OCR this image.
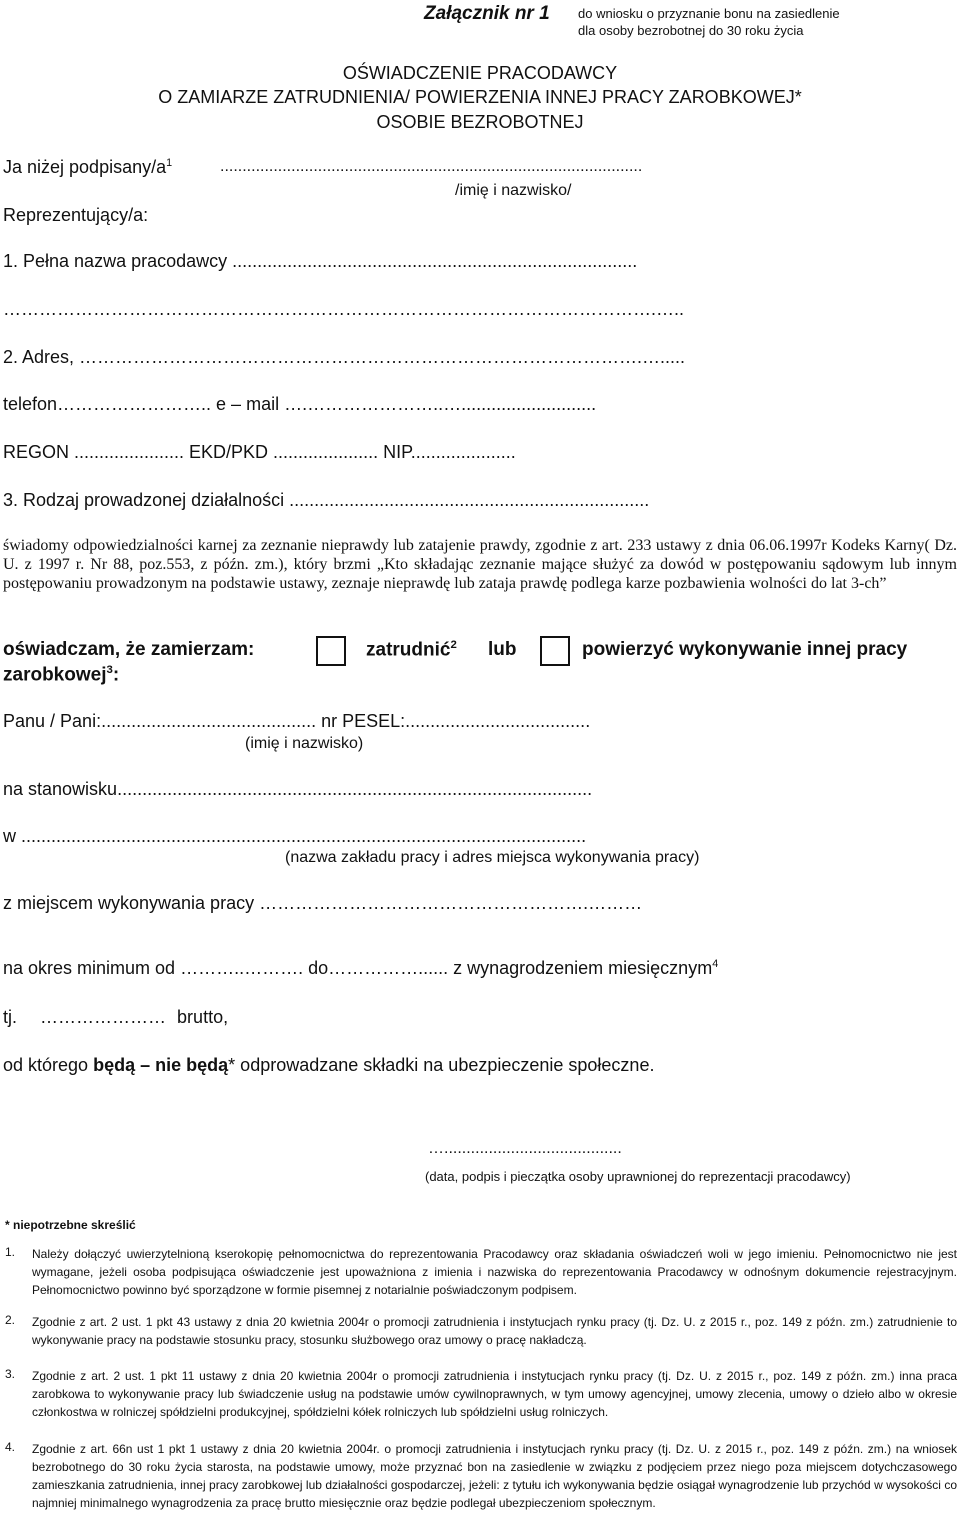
Załącznik nr 1 do wniosku o przyznanie bonu na zasiedlenie
dla osoby bezrobotnej do 30 roku życia
OŚWIADCZENIE PRACODAWCY
O ZAMIARZE ZATRUDNIENIA/ POWIERZENIA INNEJ PRACY ZAROBKOWEJ*
OSOBIE BEZROBOTNEJ
Ja niżej podpisany/$a^1$	...............................................................................................
/imię i nazwisko/
Reprezentujący/a:
1. Pełna nazwa pracodawcy .................................................................................
……………………………………………………………………………………………….…..
2. Adres, ………………………………………………………………………………….….....
telefon…………………….. e – mail ….…………………..…...........................
REGON ...................... EKD/PKD ..................... NIP.....................
3. Rodzaj prowadzonej działalności ........................................................................
świadomy odpowiedzialności karnej za zeznanie nieprawdy lub zatajenie prawdy, zgodnie z art. 233 ustawy z dnia 06.06.1997r Kodeks Karny( Dz. U. z 1997 r. Nr 88, poz.553, z późn. zm.), który brzmi „Kto składając zeznanie mające służyć za dowód w postępowaniu sądowym lub innym postępowaniu prowadzonym na podstawie ustawy, zeznaje nieprawdę lub zataja prawdę podlega karze pozbawienia wolności do lat 3-ch”
oświadczam, że zamierzam:	zatrudnić$^2$ lub	powierzyć wykonywanie innej pracy
zarobkowej$^3$:
Panu / Pani:........................................... nr PESEL:.....................................
(imię i nazwisko)
na stanowisku...............................................................................................
w .................................................................................................................
(nazwa zakładu pracy i adres miejsca wykonywania pracy)
z miejscem wykonywania pracy ……………………………………………….………
na okres minimum od ………..………. do……………...... z wynagrodzeniem miesięcznym$^4$
tj. ………………… brutto,
od którego będą – nie będą* odprowadzane składki na ubezpieczenie społeczne.
…........................................
(data, podpis i pieczątka osoby uprawnionej do reprezentacji pracodawcy)
* niepotrzebne skreślić
1. Należy dołączyć uwierzytelnioną kserokopię pełnomocnictwa do reprezentowania Pracodawcy oraz składania oświadczeń woli w jego imieniu. Pełnomocnictwo nie jest wymagane, jeżeli osoba podpisująca oświadczenie jest upoważniona z imienia i nazwiska do reprezentowania Pracodawcy w odnośnym dokumencie rejestracyjnym. Pełnomocnictwo powinno być sporządzone w formie pisemnej z notarialnie poświadczonym podpisem.
2. Zgodnie z art. 2 ust. 1 pkt 43 ustawy z dnia 20 kwietnia 2004r o promocji zatrudnienia i instytucjach rynku pracy (tj. Dz. U. z 2015 r., poz. 149 z późn. zm.) zatrudnienie to wykonywanie pracy na podstawie stosunku pracy, stosunku służbowego oraz umowy o pracę nakładczą.
3. Zgodnie z art. 2 ust. 1 pkt 11 ustawy z dnia 20 kwietnia 2004r o promocji zatrudnienia i instytucjach rynku pracy (tj. Dz. U. z 2015 r., poz. 149 z późn. zm.) inna praca zarobkowa to wykonywanie pracy lub świadczenie usług na podstawie umów cywilnoprawnych, w tym umowy agencyjnej, umowy zlecenia, umowy o dzieło albo w okresie członkostwa w rolniczej spółdzielni produkcyjnej, spółdzielni kółek rolniczych lub spółdzielni usług rolniczych.
4. Zgodnie z art. 66n ust 1 pkt 1 ustawy z dnia 20 kwietnia 2004r. o promocji zatrudnienia i instytucjach rynku pracy (tj. Dz. U. z 2015 r., poz. 149 z późn. zm.) na wniosek bezrobotnego do 30 roku życia starosta, na podstawie umowy, może przyznać bon na zasiedlenie w związku z podjęciem przez niego poza miejscem dotychczasowego zamieszkania zatrudnienia, innej pracy zarobkowej lub działalności gospodarczej, jeżeli: z tytułu ich wykonywania będzie osiągał wynagrodzenie lub przychód w wysokości co najmniej minimalnego wynagrodzenia za pracę brutto miesięcznie oraz będzie podlegał ubezpieczeniom społecznym.
